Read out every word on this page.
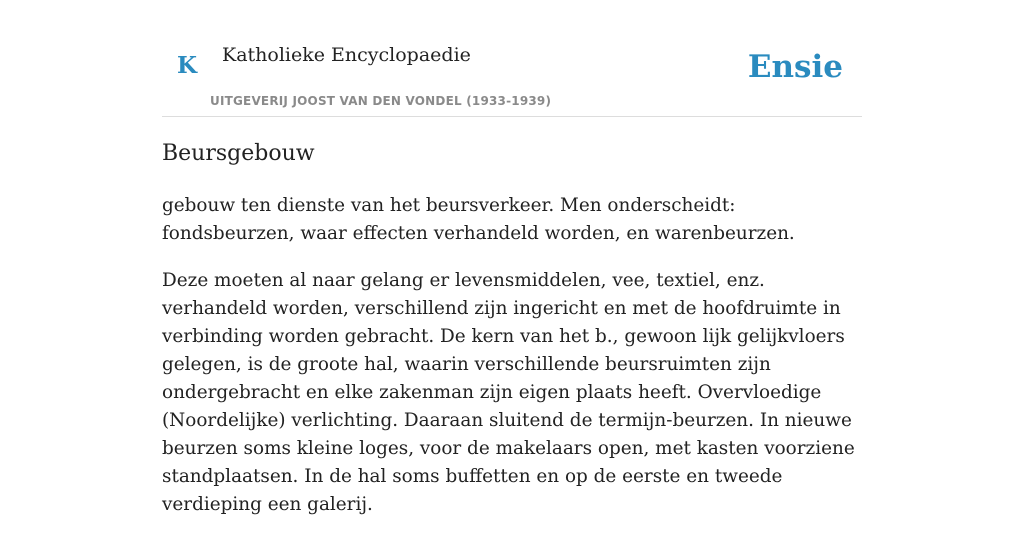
K Katholieke Encyclopaedie
UITGEVERIJ JOOST VAN DEN VONDEL (1933-1939)
Ensie
Beursgebouw

gebouw ten dienste van het beursverkeer. Men onderscheidt: fondsbeurzen, waar effecten verhandeld worden, en warenbeurzen.

Deze moeten al naar gelang er levensmiddelen, vee, textiel, enz. verhandeld worden, verschillend zijn ingericht en met de hoofdruimte in verbinding worden gebracht. De kern van het b., gewoon lijk gelijkvloers gelegen, is de groote hal, waarin verschillende beursruimten zijn ondergebracht en elke zakenman zijn eigen plaats heeft. Overvloedige (Noordelijke) verlichting. Daaraan sluitend de termijn-beurzen. In nieuwe beurzen soms kleine loges, voor de makelaars open, met kasten voorziene standplaatsen. In de hal soms buffetten en op de eerste en tweede verdieping een galerij.
